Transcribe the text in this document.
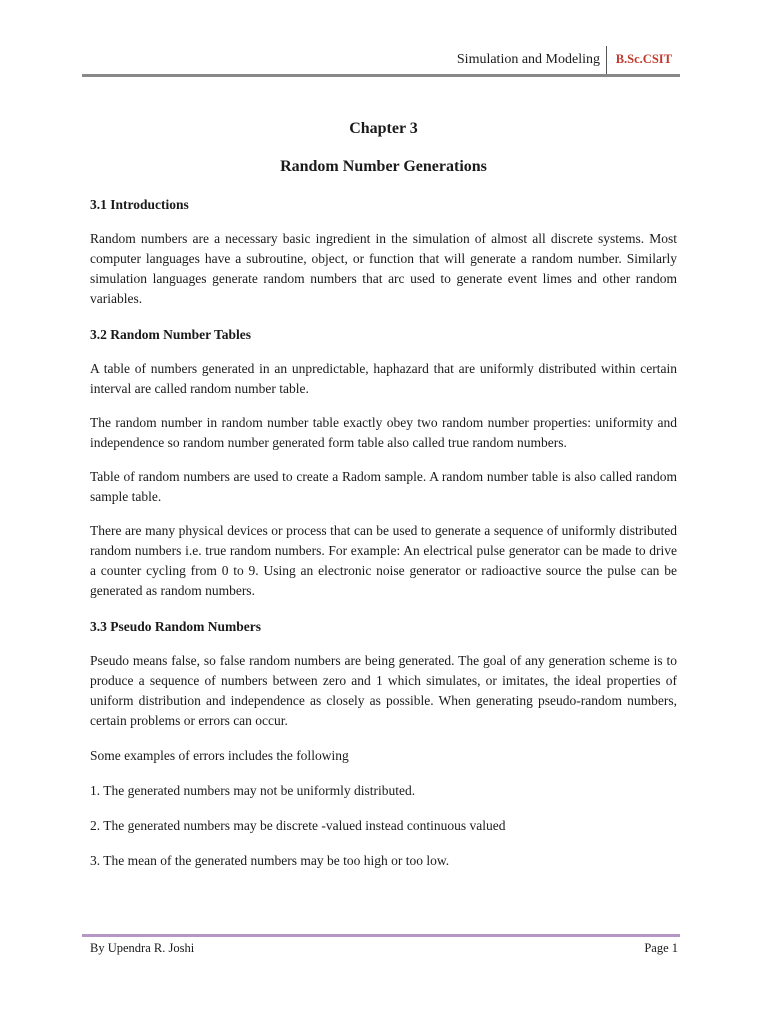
Simulation and Modeling B.Sc.CSIT

Chapter 3

Random Number Generations

3.1 Introductions

Random numbers are a necessary basic ingredient in the simulation of almost all discrete systems. Most computer languages have a subroutine, object, or function that will generate a random number. Similarly simulation languages generate random numbers that arc used to generate event limes and other random variables.

3.2 Random Number Tables

A table of numbers generated in an unpredictable, haphazard that are uniformly distributed within certain interval are called random number table.

The random number in random number table exactly obey two random number properties: uniformity and independence so random number generated form table also called true random numbers.

Table of random numbers are used to create a Radom sample. A random number table is also called random sample table.

There are many physical devices or process that can be used to generate a sequence of uniformly distributed random numbers i.e. true random numbers. For example: An electrical pulse generator can be made to drive a counter cycling from 0 to 9. Using an electronic noise generator or radioactive source the pulse can be generated as random numbers.

3.3 Pseudo Random Numbers

Pseudo means false, so false random numbers are being generated. The goal of any generation scheme is to produce a sequence of numbers between zero and 1 which simulates, or imitates, the ideal properties of uniform distribution and independence as closely as possible. When generating pseudo-random numbers, certain problems or errors can occur.

Some examples of errors includes the following

1. The generated numbers may not be uniformly distributed.

2. The generated numbers may be discrete -valued instead continuous valued

3. The mean of the generated numbers may be too high or too low.

By Upendra R. Joshi	Page 1
